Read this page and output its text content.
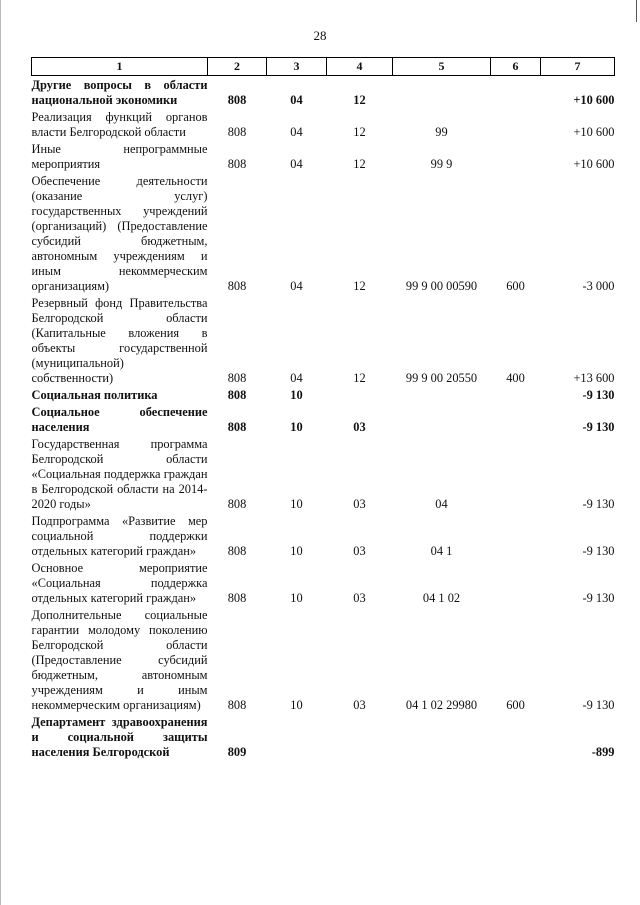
28
1	2	3	4	5	6	7
Другие вопросы в области национальной экономики	808	04	12			+10 600
Реализация функций органов власти Белгородской области	808	04	12	99		+10 600
Иные непрограммные мероприятия	808	04	12	99 9		+10 600
Обеспечение деятельности (оказание услуг) государственных учреждений (организаций) (Предоставление субсидий бюджетным, автономным учреждениям и иным некоммерческим организациям)	808	04	12	99 9 00 00590	600	-3 000
Резервный фонд Правительства Белгородской области (Капитальные вложения в объекты государственной (муниципальной) собственности)	808	04	12	99 9 00 20550	400	+13 600
Социальная политика	808	10				-9 130
Социальное обеспечение населения	808	10	03			-9 130
Государственная программа Белгородской области «Социальная поддержка граждан в Белгородской области на 2014-2020 годы»	808	10	03	04		-9 130
Подпрограмма «Развитие мер социальной поддержки отдельных категорий граждан»	808	10	03	04 1		-9 130
Основное мероприятие «Социальная поддержка отдельных категорий граждан»	808	10	03	04 1 02		-9 130
Дополнительные социальные гарантии молодому поколению Белгородской области (Предоставление субсидий бюджетным, автономным учреждениям и иным некоммерческим организациям)	808	10	03	04 1 02 29980	600	-9 130
Департамент здравоохранения и социальной защиты населения Белгородской	809					-899
